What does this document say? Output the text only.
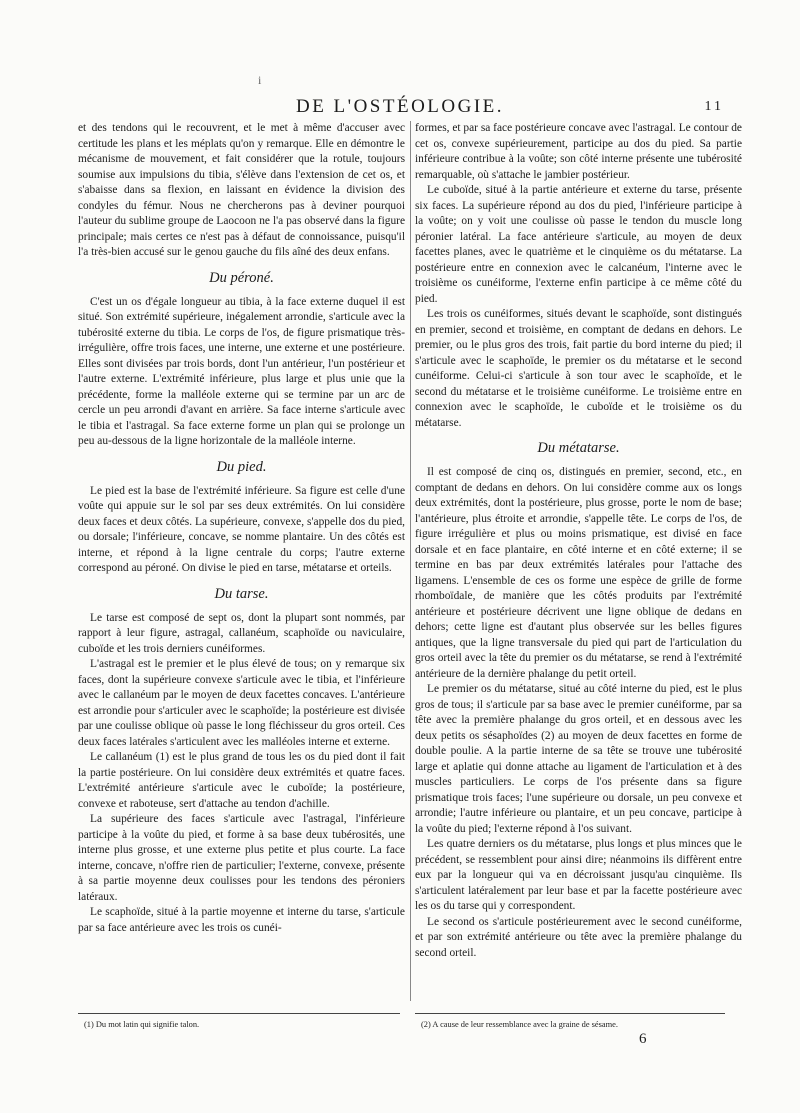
i
DE L'OSTÉOLOGIE.	11

et des tendons qui le recouvrent, et le met à même d'accuser avec certitude les plans et les méplats qu'on y remarque. Elle en démontre le mécanisme de mouvement, et fait considérer que la rotule, toujours soumise aux impulsions du tibia, s'élève dans l'extension de cet os, et s'abaisse dans sa flexion, en laissant en évidence la division des condyles du fémur. Nous ne chercherons pas à deviner pourquoi l'auteur du sublime groupe de Laocoon ne l'a pas observé dans la figure principale; mais certes ce n'est pas à défaut de connoissance, puisqu'il l'a très-bien accusé sur le genou gauche du fils aîné des deux enfans.

Du péroné.

C'est un os d'égale longueur au tibia, à la face externe duquel il est situé. Son extrémité supérieure, inégalement arrondie, s'articule avec la tubérosité externe du tibia. Le corps de l'os, de figure prismatique très-irrégulière, offre trois faces, une interne, une externe et une postérieure. Elles sont divisées par trois bords, dont l'un antérieur, l'un postérieur et l'autre externe. L'extrémité inférieure, plus large et plus unie que la précédente, forme la malléole externe qui se termine par un arc de cercle un peu arrondi d'avant en arrière. Sa face interne s'articule avec le tibia et l'astragal. Sa face externe forme un plan qui se prolonge un peu au-dessous de la ligne horizontale de la malléole interne.

Du pied.

Le pied est la base de l'extrémité inférieure. Sa figure est celle d'une voûte qui appuie sur le sol par ses deux extrémités. On lui considère deux faces et deux côtés. La supérieure, convexe, s'appelle dos du pied, ou dorsale; l'inférieure, concave, se nomme plantaire. Un des côtés est interne, et répond à la ligne centrale du corps; l'autre externe correspond au péroné. On divise le pied en tarse, métatarse et orteils.

Du tarse.

Le tarse est composé de sept os, dont la plupart sont nommés, par rapport à leur figure, astragal, callanéum, scaphoïde ou naviculaire, cuboïde et les trois derniers cunéiformes.

L'astragal est le premier et le plus élevé de tous; on y remarque six faces, dont la supérieure convexe s'articule avec le tibia, et l'inférieure avec le callanéum par le moyen de deux facettes concaves. L'antérieure est arrondie pour s'articuler avec le scaphoïde; la postérieure est divisée par une coulisse oblique où passe le long fléchisseur du gros orteil. Ces deux faces latérales s'articulent avec les malléoles interne et externe.

Le callanéum (1) est le plus grand de tous les os du pied dont il fait la partie postérieure. On lui considère deux extrémités et quatre faces. L'extrémité antérieure s'articule avec le cuboïde; la postérieure, convexe et raboteuse, sert d'attache au tendon d'achille.

La supérieure des faces s'articule avec l'astragal, l'inférieure participe à la voûte du pied, et forme à sa base deux tubérosités, une interne plus grosse, et une externe plus petite et plus courte. La face interne, concave, n'offre rien de particulier; l'externe, convexe, présente à sa partie moyenne deux coulisses pour les tendons des péroniers latéraux.

Le scaphoïde, situé à la partie moyenne et interne du tarse, s'articule par sa face antérieure avec les trois os cunéi-

formes, et par sa face postérieure concave avec l'astragal. Le contour de cet os, convexe supérieurement, participe au dos du pied. Sa partie inférieure contribue à la voûte; son côté interne présente une tubérosité remarquable, où s'attache le jambier postérieur.

Le cuboïde, situé à la partie antérieure et externe du tarse, présente six faces. La supérieure répond au dos du pied, l'inférieure participe à la voûte; on y voit une coulisse où passe le tendon du muscle long péronier latéral. La face antérieure s'articule, au moyen de deux facettes planes, avec le quatrième et le cinquième os du métatarse. La postérieure entre en connexion avec le calcanéum, l'interne avec le troisième os cunéiforme, l'externe enfin participe à ce même côté du pied.

Les trois os cunéiformes, situés devant le scaphoïde, sont distingués en premier, second et troisième, en comptant de dedans en dehors. Le premier, ou le plus gros des trois, fait partie du bord interne du pied; il s'articule avec le scaphoïde, le premier os du métatarse et le second cunéiforme. Celui-ci s'articule à son tour avec le scaphoïde, et le second du métatarse et le troisième cunéiforme. Le troisième entre en connexion avec le scaphoïde, le cuboïde et le troisième os du métatarse.

Du métatarse.

Il est composé de cinq os, distingués en premier, second, etc., en comptant de dedans en dehors. On lui considère comme aux os longs deux extrémités, dont la postérieure, plus grosse, porte le nom de base; l'antérieure, plus étroite et arrondie, s'appelle tête. Le corps de l'os, de figure irrégulière et plus ou moins prismatique, est divisé en face dorsale et en face plantaire, en côté interne et en côté externe; il se termine en bas par deux extrémités latérales pour l'attache des ligamens. L'ensemble de ces os forme une espèce de grille de forme rhomboïdale, de manière que les côtés produits par l'extrémité antérieure et postérieure décrivent une ligne oblique de dedans en dehors; cette ligne est d'autant plus observée sur les belles figures antiques, que la ligne transversale du pied qui part de l'articulation du gros orteil avec la tête du premier os du métatarse, se rend à l'extrémité antérieure de la dernière phalange du petit orteil.

Le premier os du métatarse, situé au côté interne du pied, est le plus gros de tous; il s'articule par sa base avec le premier cunéiforme, par sa tête avec la première phalange du gros orteil, et en dessous avec les deux petits os sésaphoïdes (2) au moyen de deux facettes en forme de double poulie. A la partie interne de sa tête se trouve une tubérosité large et aplatie qui donne attache au ligament de l'articulation et à des muscles particuliers. Le corps de l'os présente dans sa figure prismatique trois faces; l'une supérieure ou dorsale, un peu convexe et arrondie; l'autre inférieure ou plantaire, et un peu concave, participe à la voûte du pied; l'externe répond à l'os suivant.

Les quatre derniers os du métatarse, plus longs et plus minces que le précédent, se ressemblent pour ainsi dire; néanmoins ils diffèrent entre eux par la longueur qui va en décroissant jusqu'au cinquième. Ils s'articulent latéralement par leur base et par la facette postérieure avec les os du tarse qui y correspondent.

Le second os s'articule postérieurement avec le second cunéiforme, et par son extrémité antérieure ou tête avec la première phalange du second orteil.

(1) Du mot latin qui signifie talon.	(2) A cause de leur ressemblance avec la graine de sésame.
6
